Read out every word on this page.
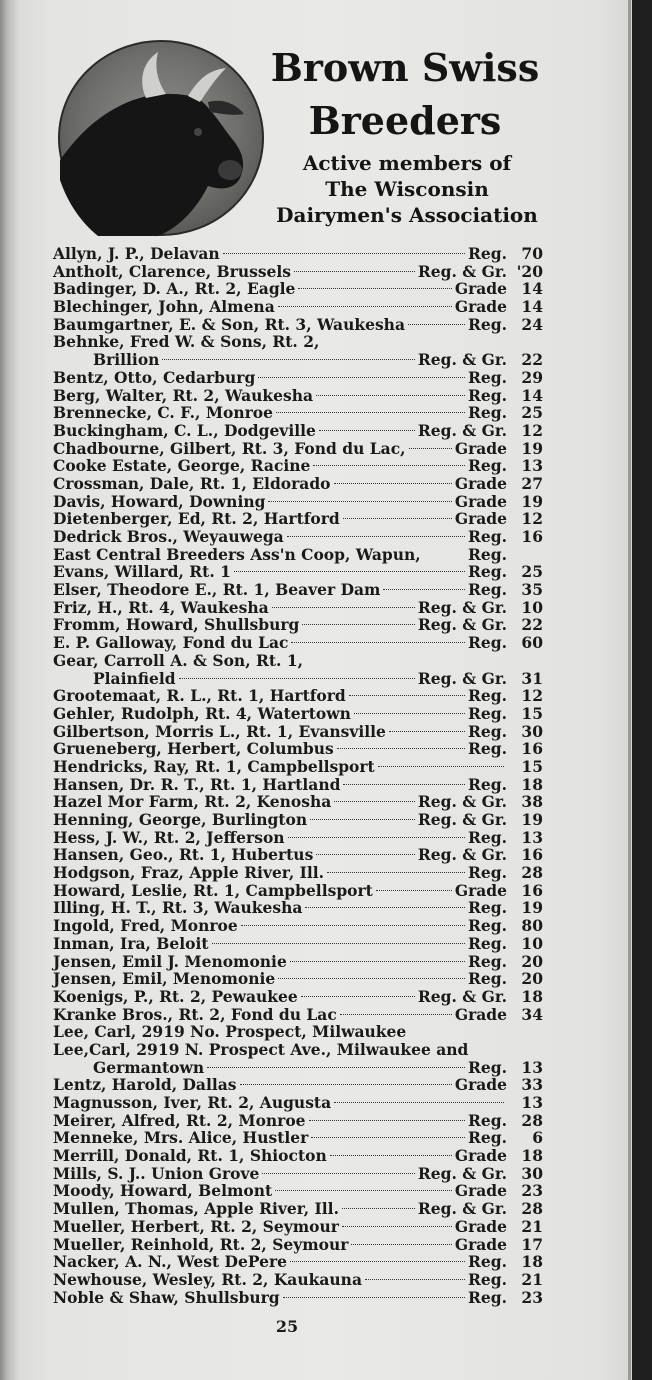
Brown Swiss
Breeders
Active members of
The Wisconsin
Dairymen's Association
Allyn, J. P., Delavan	Reg. 70
Antholt, Clarence, Brussels	Reg. & Gr. '20
Badinger, D. A., Rt. 2, Eagle	Grade 14
Blechinger, John, Almena	Grade 14
Baumgartner, E. & Son, Rt. 3, Waukesha	Reg. 24
Behnke, Fred W. & Sons, Rt. 2,
Brillion	Reg. & Gr. 22
Bentz, Otto, Cedarburg	Reg. 29
Berg, Walter, Rt. 2, Waukesha	Reg. 14
Brennecke, C. F., Monroe	Reg. 25
Buckingham, C. L., Dodgeville	Reg. & Gr. 12
Chadbourne, Gilbert, Rt. 3, Fond du Lac,	Grade 19
Cooke Estate, George, Racine	Reg. 13
Crossman, Dale, Rt. 1, Eldorado	Grade 27
Davis, Howard, Downing	Grade 19
Dietenberger, Ed, Rt. 2, Hartford	Grade 12
Dedrick Bros., Weyauwega	Reg. 16
East Central Breeders Ass'n Coop, Wapun,	Reg.
Evans, Willard, Rt. 1	Reg. 25
Elser, Theodore E., Rt. 1, Beaver Dam	Reg. 35
Friz, H., Rt. 4, Waukesha	Reg. & Gr. 10
Fromm, Howard, Shullsburg	Reg. & Gr. 22
E. P. Galloway, Fond du Lac	Reg. 60
Gear, Carroll A. & Son, Rt. 1,
Plainfield	Reg. & Gr. 31
Grootemaat, R. L., Rt. 1, Hartford	Reg. 12
Gehler, Rudolph, Rt. 4, Watertown	Reg. 15
Gilbertson, Morris L., Rt. 1, Evansville	Reg. 30
Grueneberg, Herbert, Columbus	Reg. 16
Hendricks, Ray, Rt. 1, Campbellsport	15
Hansen, Dr. R. T., Rt. 1, Hartland	Reg. 18
Hazel Mor Farm, Rt. 2, Kenosha	Reg. & Gr. 38
Henning, George, Burlington	Reg. & Gr. 19
Hess, J. W., Rt. 2, Jefferson	Reg. 13
Hansen, Geo., Rt. 1, Hubertus	Reg. & Gr. 16
Hodgson, Fraz, Apple River, Ill.	Reg. 28
Howard, Leslie, Rt. 1, Campbellsport	Grade 16
Illing, H. T., Rt. 3, Waukesha	Reg. 19
Ingold, Fred, Monroe	Reg. 80
Inman, Ira, Beloit	Reg. 10
Jensen, Emil J. Menomonie	Reg. 20
Jensen, Emil, Menomonie	Reg. 20
Koenigs, P., Rt. 2, Pewaukee	Reg. & Gr. 18
Kranke Bros., Rt. 2, Fond du Lac	Grade 34
Lee, Carl, 2919 No. Prospect, Milwaukee
Lee,Carl, 2919 N. Prospect Ave., Milwaukee and
Germantown	Reg. 13
Lentz, Harold, Dallas	Grade 33
Magnusson, Iver, Rt. 2, Augusta	13
Meirer, Alfred, Rt. 2, Monroe	Reg. 28
Menneke, Mrs. Alice, Hustler	Reg.	6
Merrill, Donald, Rt. 1, Shiocton	Grade 18
Mills, S. J.. Union Grove	Reg. & Gr. 30
Moody, Howard, Belmont	Grade 23
Mullen, Thomas, Apple River, Ill.	Reg. & Gr. 28
Mueller, Herbert, Rt. 2, Seymour	Grade 21
Mueller, Reinhold, Rt. 2, Seymour	Grade 17
Nacker, A. N., West DePere	Reg. 18
Newhouse, Wesley, Rt. 2, Kaukauna	Reg. 21
Noble & Shaw, Shullsburg	Reg. 23
25
